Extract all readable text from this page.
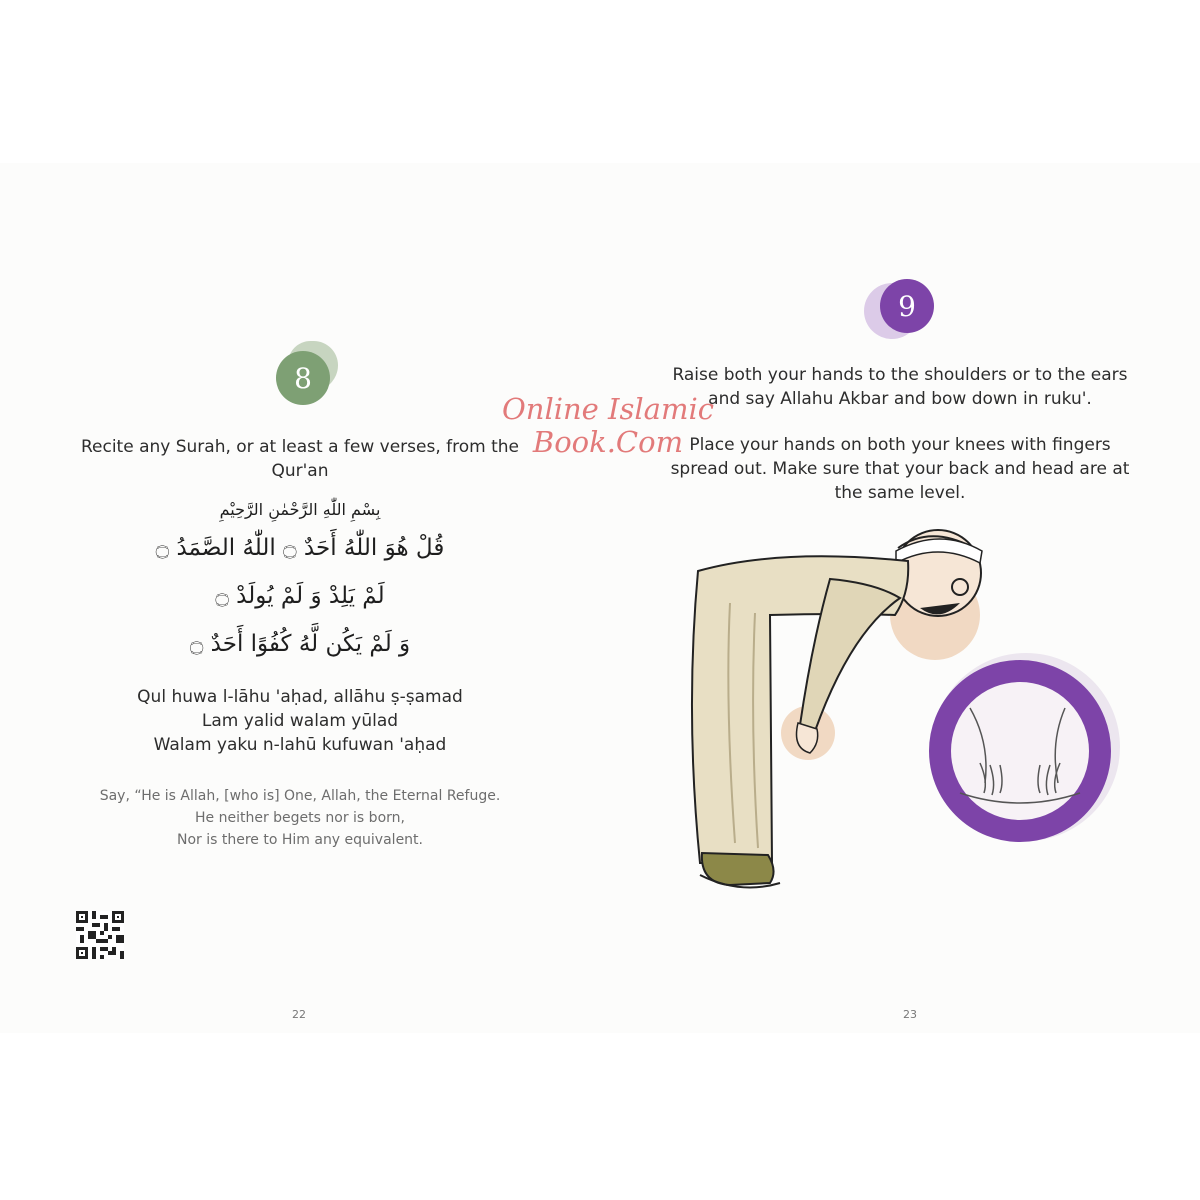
8
Recite any Surah, or at least a few verses, from the Qur'an
بِسْمِ اللّٰهِ الرَّحْمٰنِ الرَّحِيْمِ
قُلْ هُوَ اللّٰهُ أَحَدٌ ۝ اللّٰهُ الصَّمَدُ ۝
لَمْ يَلِدْ وَ لَمْ يُولَدْ ۝
وَ لَمْ يَكُن لَّهُ كُفُوًا أَحَدٌ ۝
Qul huwa l-lāhu 'aḥad, allāhu ṣ-ṣamad
Lam yalid walam yūlad
Walam yaku n-lahū kufuwan 'aḥad
Say, “He is Allah, [who is] One, Allah, the Eternal Refuge.
He neither begets nor is born,
Nor is there to Him any equivalent.
22
9

Raise both your hands to the shoulders or to the ears and say Allahu Akbar and bow down in ruku'.

Place your hands on both your knees with fingers spread out. Make sure that your back and head are at the same level.

23
Online Islamic
Book.Com
